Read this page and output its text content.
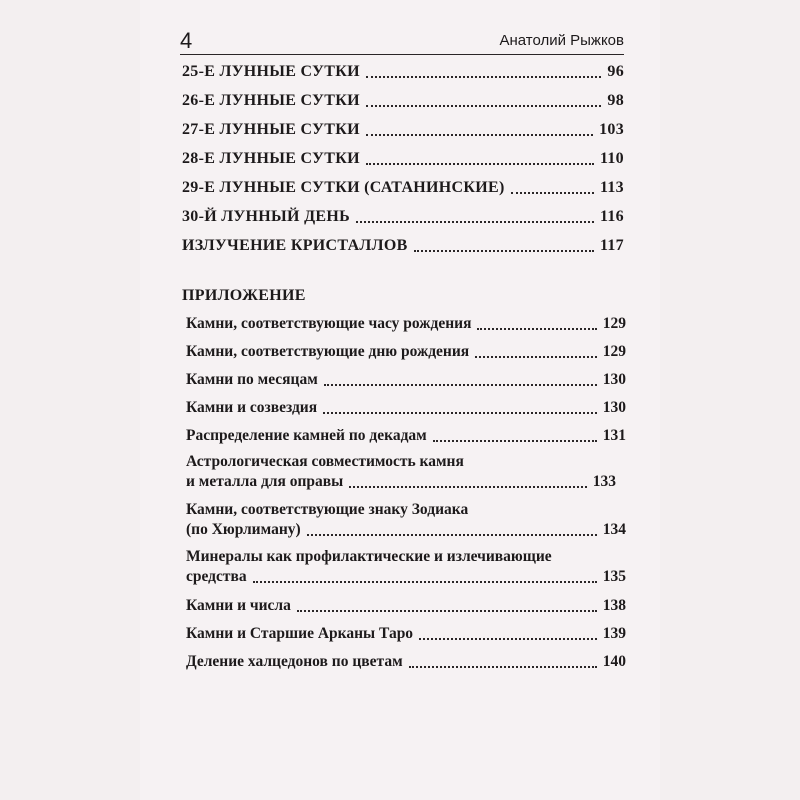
4	Анатолий Рыжков
25-Е ЛУННЫЕ СУТКИ	96
26-Е ЛУННЫЕ СУТКИ	98
27-Е ЛУННЫЕ СУТКИ	103
28-Е ЛУННЫЕ СУТКИ	110
29-Е ЛУННЫЕ СУТКИ (САТАНИНСКИЕ)	113
30-Й ЛУННЫЙ ДЕНЬ	116
ИЗЛУЧЕНИЕ КРИСТАЛЛОВ	117
ПРИЛОЖЕНИЕ
Камни, соответствующие часу рождения	129
Камни, соответствующие дню рождения	129
Камни по месяцам	130
Камни и созвездия	130
Распределение камней по декадам	131
Астрологическая совместимость камня
и металла для оправы	133
Камни, соответствующие знаку Зодиака
(по Хюрлиману)	134
Минералы как профилактические и излечивающие
средства	135
Камни и числа	138
Камни и Старшие Арканы Таро	139
Деление халцедонов по цветам	140
